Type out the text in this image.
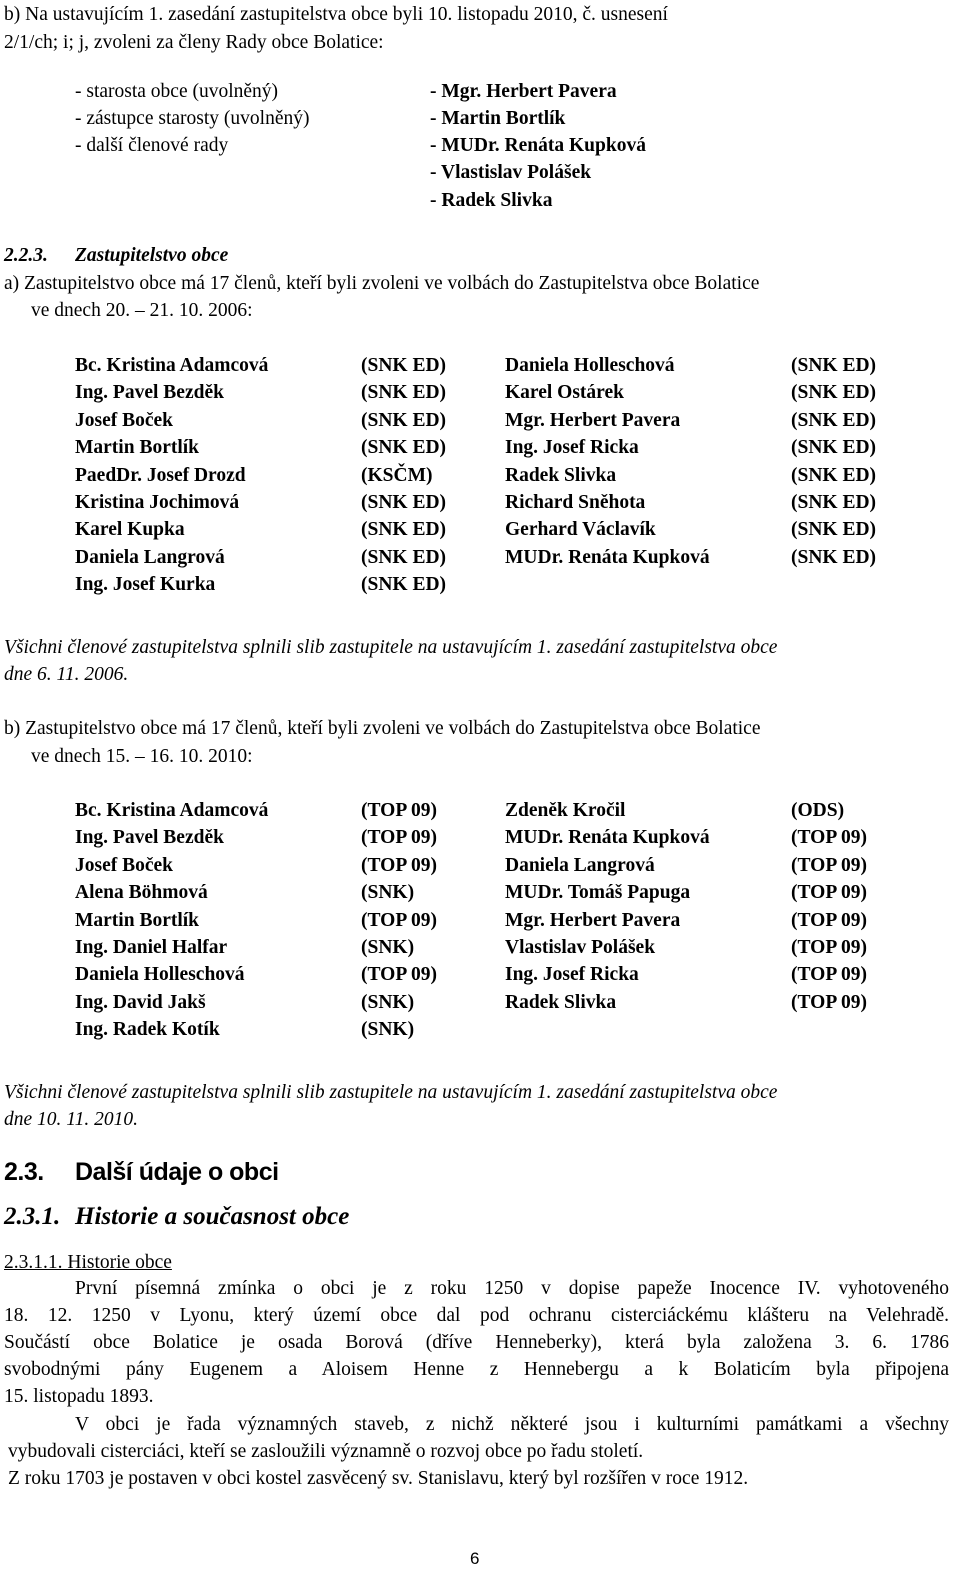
b) Na ustavujícím 1. zasedání zastupitelstva obce byli 10. listopadu 2010, č. usnesení
2/1/ch; i; j, zvoleni za členy Rady obce Bolatice:
- starosta obce (uvolněný)	- Mgr. Herbert Pavera
- zástupce starosty (uvolněný)	- Martin Bortlík
- další členové rady	- MUDr. Renáta Kupková
- Vlastislav Polášek
- Radek Slivka
2.2.3. Zastupitelstvo obce
a) Zastupitelstvo obce má 17 členů, kteří byli zvoleni ve volbách do Zastupitelstva obce Bolatice
ve dnech 20. – 21. 10. 2006:
Bc. Kristina Adamcová	(SNK ED)	Daniela Holleschová	(SNK ED)
Ing. Pavel Bezděk	(SNK ED)	Karel Ostárek	(SNK ED)
Josef Boček	(SNK ED)	Mgr. Herbert Pavera	(SNK ED)
Martin Bortlík	(SNK ED)	Ing. Josef Ricka	(SNK ED)
PaedDr. Josef Drozd	(KSČM)	Radek Slivka	(SNK ED)
Kristina Jochimová	(SNK ED)	Richard Sněhota	(SNK ED)
Karel Kupka	(SNK ED)	Gerhard Václavík	(SNK ED)
Daniela Langrová	(SNK ED)	MUDr. Renáta Kupková	(SNK ED)
Ing. Josef Kurka	(SNK ED)
Všichni členové zastupitelstva splnili slib zastupitele na ustavujícím 1. zasedání zastupitelstva obce
dne 6. 11. 2006.
b) Zastupitelstvo obce má 17 členů, kteří byli zvoleni ve volbách do Zastupitelstva obce Bolatice
ve dnech 15. – 16. 10. 2010:
Bc. Kristina Adamcová	(TOP 09)	Zdeněk Kročil	(ODS)
Ing. Pavel Bezděk	(TOP 09)	MUDr. Renáta Kupková	(TOP 09)
Josef Boček	(TOP 09)	Daniela Langrová	(TOP 09)
Alena Böhmová	(SNK)	MUDr. Tomáš Papuga	(TOP 09)
Martin Bortlík	(TOP 09)	Mgr. Herbert Pavera	(TOP 09)
Ing. Daniel Halfar	(SNK)	Vlastislav Polášek	(TOP 09)
Daniela Holleschová	(TOP 09)	Ing. Josef Ricka	(TOP 09)
Ing. David Jakš	(SNK)	Radek Slivka	(TOP 09)
Ing. Radek Kotík	(SNK)
Všichni členové zastupitelstva splnili slib zastupitele na ustavujícím 1. zasedání zastupitelstva obce
dne 10. 11. 2010.
2.3. Další údaje o obci
2.3.1. Historie a současnost obce
2.3.1.1. Historie obce
První písemná zmínka o obci je z roku 1250 v dopise papeže Inocence IV. vyhotoveného
18. 12. 1250 v Lyonu, který území obce dal pod ochranu cisterciáckému klášteru na Velehradě.
Součástí obce Bolatice je osada Borová (dříve Henneberky), která byla založena 3. 6. 1786
svobodnými pány Eugenem a Aloisem Henne z Hennebergu a k Bolaticím byla připojena
15. listopadu 1893.
V obci je řada významných staveb, z nichž některé jsou i kulturními památkami a všechny
vybudovali cisterciáci, kteří se zasloužili významně o rozvoj obce po řadu století.
Z roku 1703 je postaven v obci kostel zasvěcený sv. Stanislavu, který byl rozšířen v roce 1912.
6
